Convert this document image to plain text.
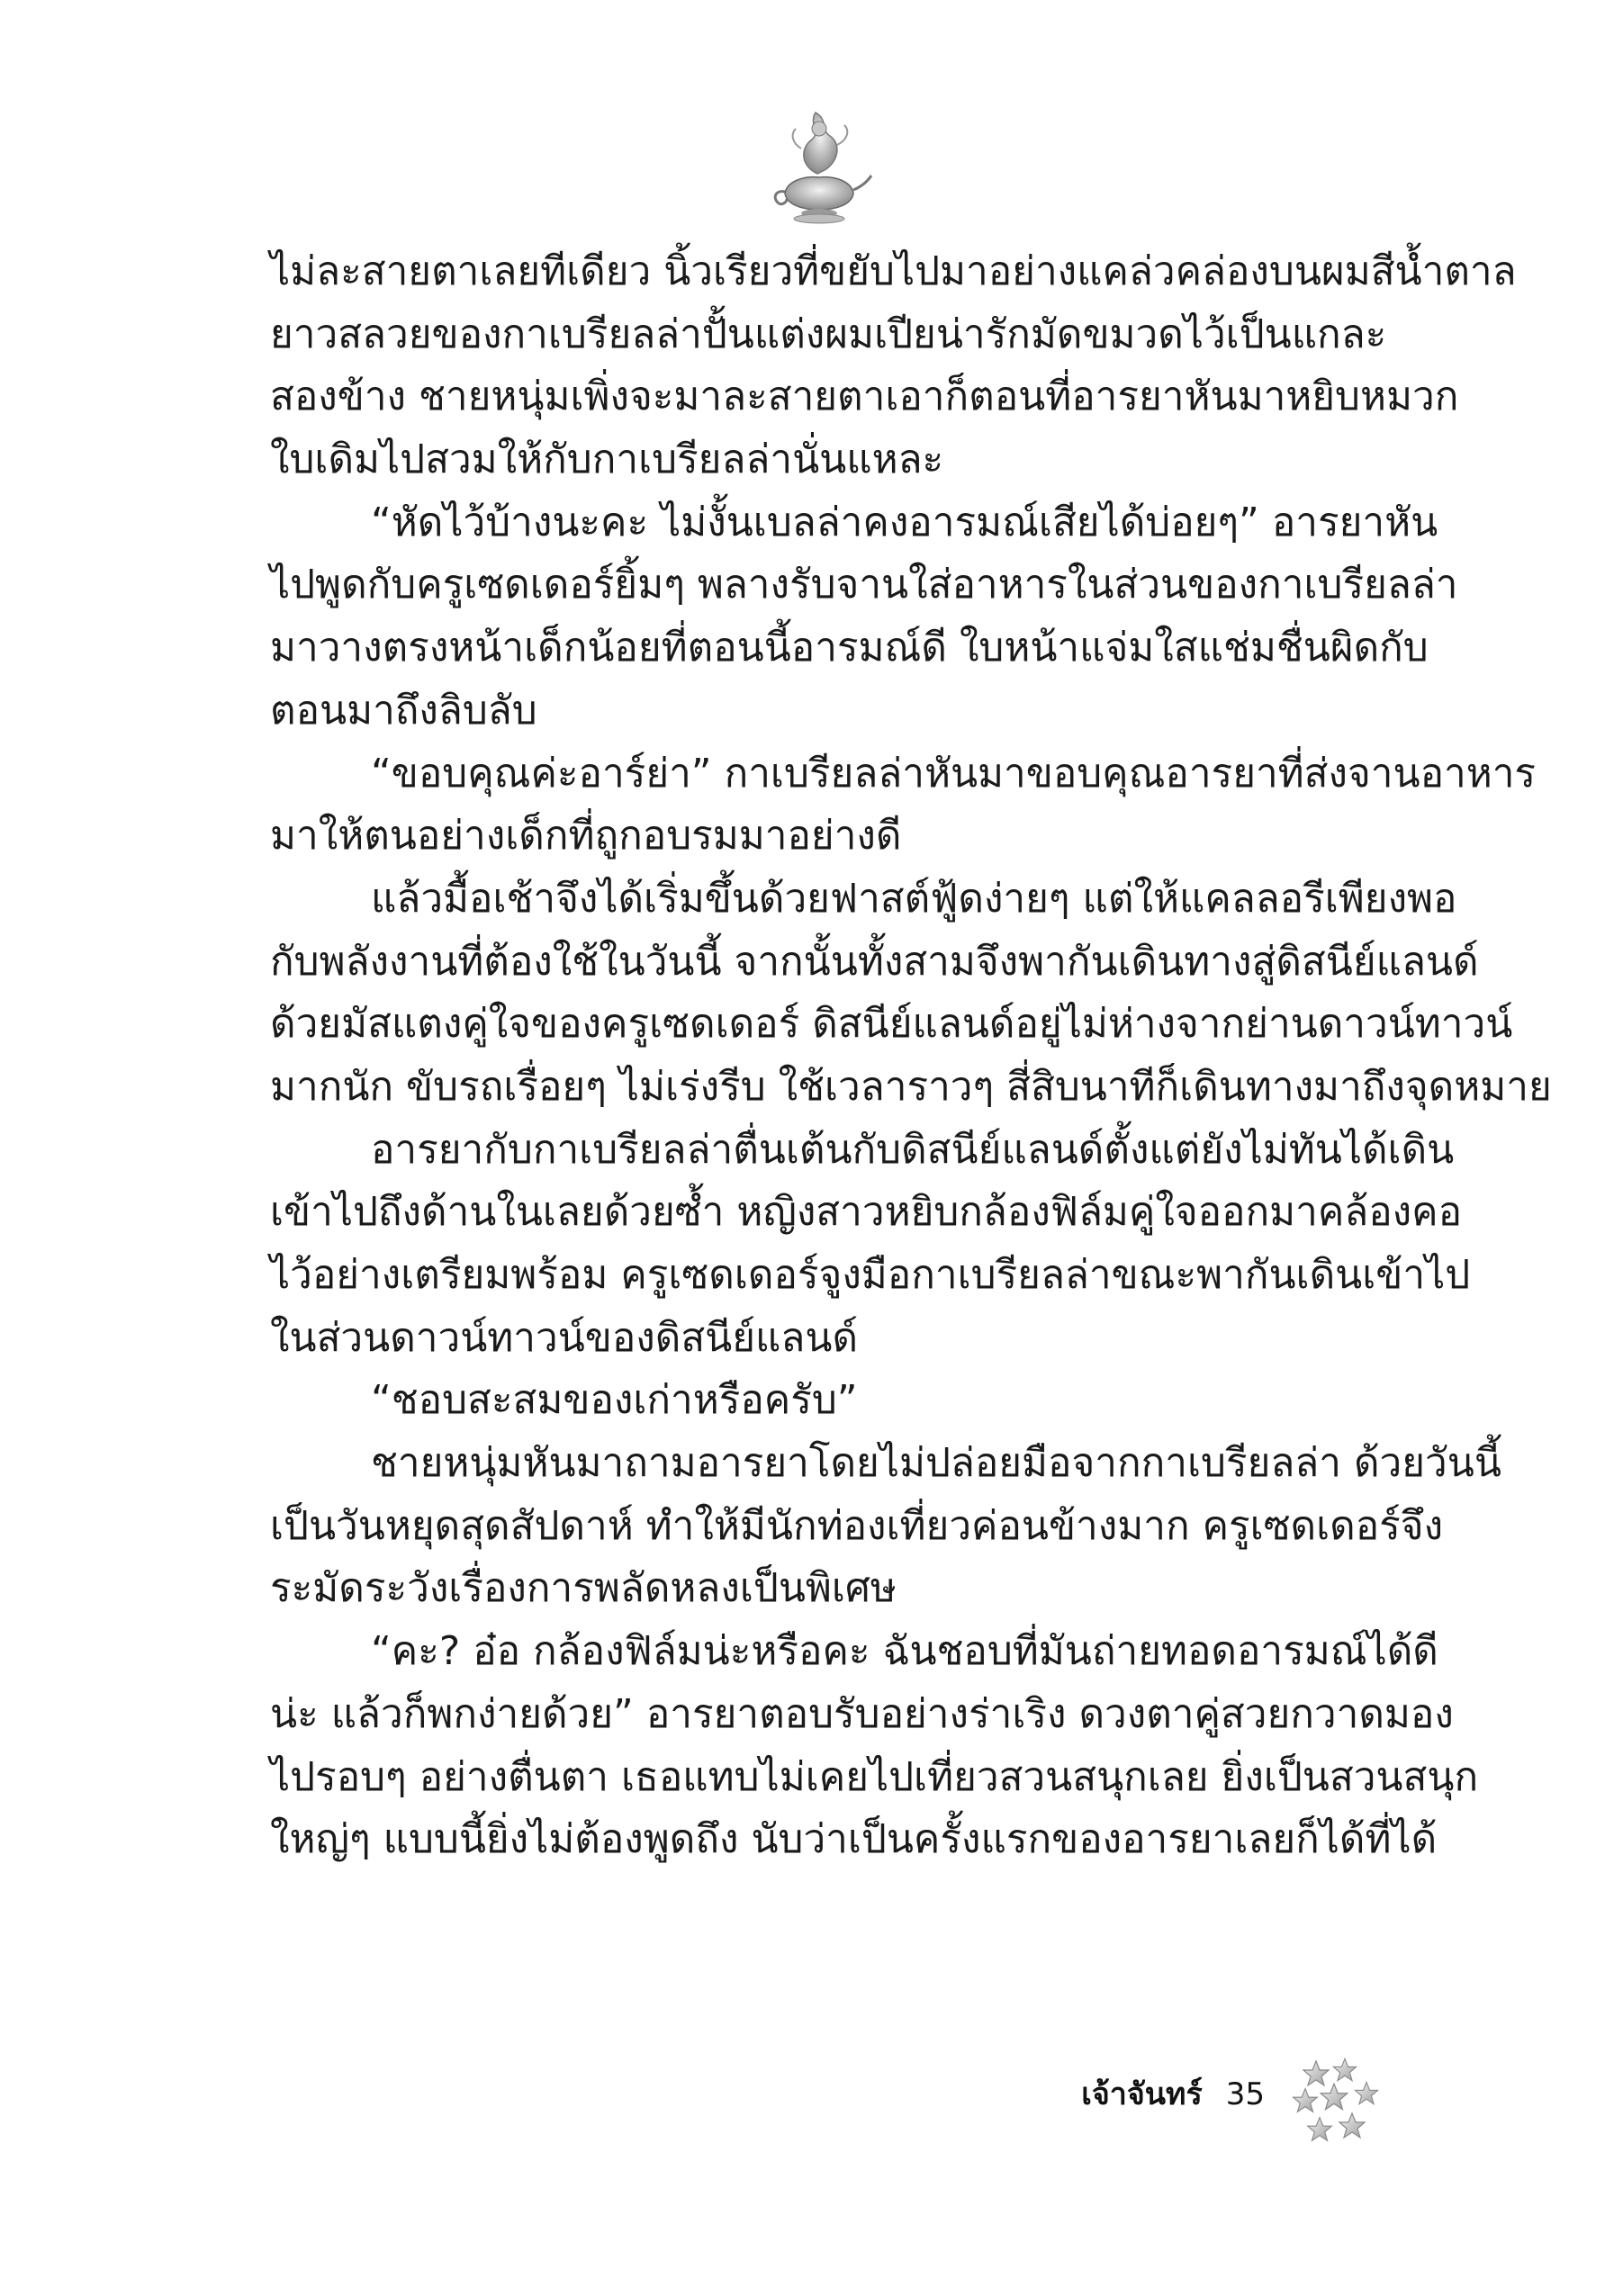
ไม่ละสายตาเลยทีเดียว นิ้วเรียวที่ขยับไปมาอย่างแคล่วคล่องบนผมสีน้ำตาล

ยาวสลวยของกาเบรียลล่าปั้นแต่งผมเปียน่ารักมัดขมวดไว้เป็นแกละ

สองข้าง ชายหนุ่มเพิ่งจะมาละสายตาเอาก็ตอนที่อารยาหันมาหยิบหมวก

ใบเดิมไปสวมให้กับกาเบรียลล่านั่นแหละ

“หัดไว้บ้างนะคะ ไม่งั้นเบลล่าคงอารมณ์เสียได้บ่อยๆ” อารยาหัน

ไปพูดกับครูเซดเดอร์ยิ้มๆ พลางรับจานใส่อาหารในส่วนของกาเบรียลล่า

มาวางตรงหน้าเด็กน้อยที่ตอนนี้อารมณ์ดี ใบหน้าแจ่มใสแช่มชื่นผิดกับ

ตอนมาถึงลิบลับ

“ขอบคุณค่ะอาร์ย่า” กาเบรียลล่าหันมาขอบคุณอารยาที่ส่งจานอาหาร

มาให้ตนอย่างเด็กที่ถูกอบรมมาอย่างดี

แล้วมื้อเช้าจึงได้เริ่มขึ้นด้วยฟาสต์ฟู้ดง่ายๆ แต่ให้แคลลอรีเพียงพอ

กับพลังงานที่ต้องใช้ในวันนี้ จากนั้นทั้งสามจึงพากันเดินทางสู่ดิสนีย์แลนด์

ด้วยมัสแตงคู่ใจของครูเซดเดอร์ ดิสนีย์แลนด์อยู่ไม่ห่างจากย่านดาวน์ทาวน์

มากนัก ขับรถเรื่อยๆ ไม่เร่งรีบ ใช้เวลาราวๆ สี่สิบนาทีก็เดินทางมาถึงจุดหมาย

อารยากับกาเบรียลล่าตื่นเต้นกับดิสนีย์แลนด์ตั้งแต่ยังไม่ทันได้เดิน

เข้าไปถึงด้านในเลยด้วยซ้ำ หญิงสาวหยิบกล้องฟิล์มคู่ใจออกมาคล้องคอ

ไว้อย่างเตรียมพร้อม ครูเซดเดอร์จูงมือกาเบรียลล่าขณะพากันเดินเข้าไป

ในส่วนดาวน์ทาวน์ของดิสนีย์แลนด์

“ชอบสะสมของเก่าหรือครับ”

ชายหนุ่มหันมาถามอารยาโดยไม่ปล่อยมือจากกาเบรียลล่า ด้วยวันนี้

เป็นวันหยุดสุดสัปดาห์ ทำให้มีนักท่องเที่ยวค่อนข้างมาก ครูเซดเดอร์จึง

ระมัดระวังเรื่องการพลัดหลงเป็นพิเศษ

“คะ? อ๋อ กล้องฟิล์มน่ะหรือคะ ฉันชอบที่มันถ่ายทอดอารมณ์ได้ดี

น่ะ แล้วก็พกง่ายด้วย” อารยาตอบรับอย่างร่าเริง ดวงตาคู่สวยกวาดมอง

ไปรอบๆ อย่างตื่นตา เธอแทบไม่เคยไปเที่ยวสวนสนุกเลย ยิ่งเป็นสวนสนุก

ใหญ่ๆ แบบนี้ยิ่งไม่ต้องพูดถึง นับว่าเป็นครั้งแรกของอารยาเลยก็ได้ที่ได้

เจ้าจันทร์ 35
